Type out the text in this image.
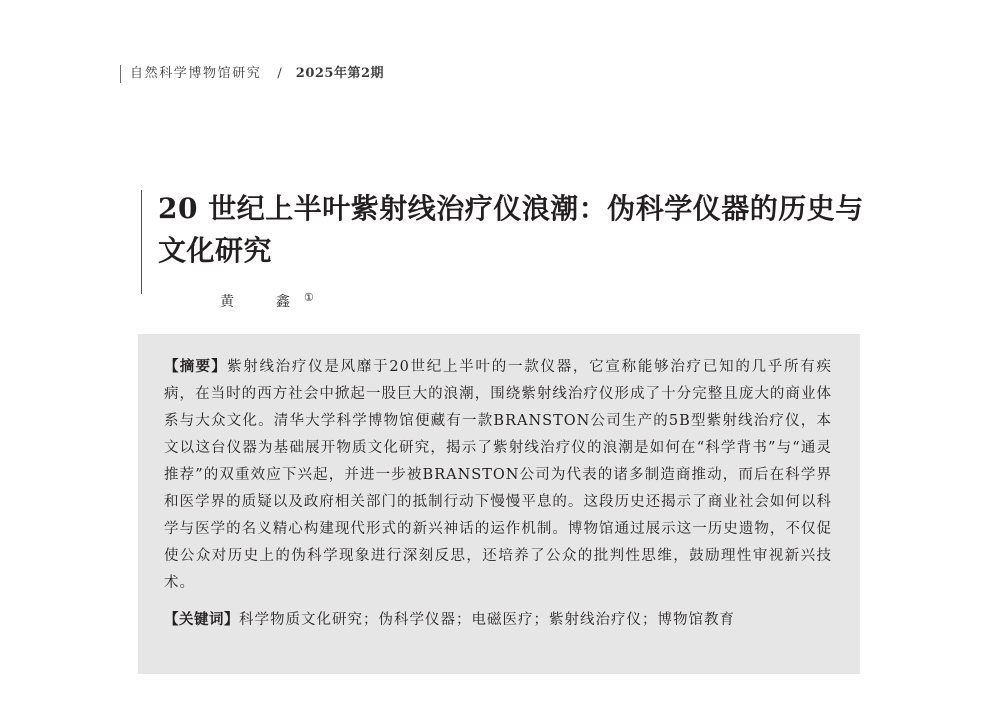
自然科学博物馆研究 / 2025年第2期
20 世纪上半叶紫射线治疗仪浪潮：伪科学仪器的历史与文化研究
黄　鑫①

【摘要】紫射线治疗仪是风靡于20世纪上半叶的一款仪器，它宣称能够治疗已知的几乎所有疾病，在当时的西方社会中掀起一股巨大的浪潮，围绕紫射线治疗仪形成了十分完整且庞大的商业体系与大众文化。清华大学科学博物馆便藏有一款BRANSTON公司生产的5B型紫射线治疗仪，本文以这台仪器为基础展开物质文化研究，揭示了紫射线治疗仪的浪潮是如何在“科学背书”与“通灵推荐”的双重效应下兴起，并进一步被BRANSTON公司为代表的诸多制造商推动，而后在科学界和医学界的质疑以及政府相关部门的抵制行动下慢慢平息的。这段历史还揭示了商业社会如何以科学与医学的名义精心构建现代形式的新兴神话的运作机制。博物馆通过展示这一历史遗物，不仅促使公众对历史上的伪科学现象进行深刻反思，还培养了公众的批判性思维，鼓励理性审视新兴技术。

【关键词】科学物质文化研究；伪科学仪器；电磁医疗；紫射线治疗仪；博物馆教育
